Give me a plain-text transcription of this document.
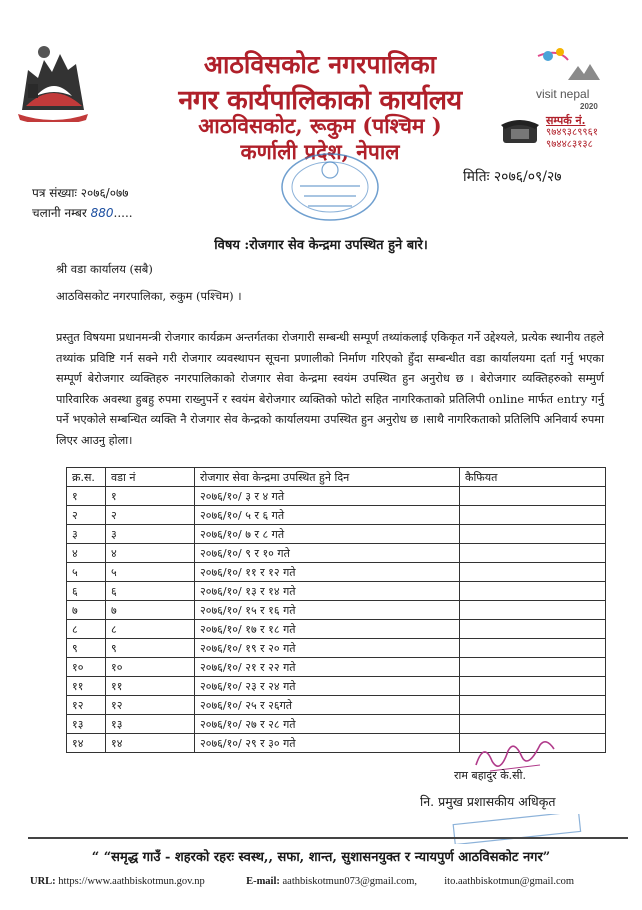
आठविसकोट नगरपालिका
नगर कार्यपालिकाको कार्यालय
आठविसकोट, रूकुम (पश्चिम )
कर्णाली प्रदेश, नेपाल
visit nepal
2020
सम्पर्क नं.
९७४९३८९९६१
९७४४८३१३८
मितिः २०७६/०९/२७
पत्र संख्याः २०७६/०७७
चलानी नम्बर 880.....
विषय :रोजगार सेव केन्द्रमा उपस्थित हुने बारे।
श्री वडा कार्यालय (सबै)
आठविसकोट नगरपालिका, रुकुम (पश्चिम) ।
प्रस्तुत विषयमा प्रधानमन्त्री रोजगार कार्यक्रम अन्तर्गतका रोजगारी सम्बन्धी सम्पूर्ण तथ्यांकलाई एकिकृत गर्ने उद्देश्यले, प्रत्येक स्थानीय तहले तथ्यांक प्रविष्टि गर्न सक्ने गरी रोजगार व्यवस्थापन सूचना प्रणालीको निर्माण गरिएको हुँदा सम्बन्धीत वडा कार्यालयमा दर्ता गर्नु भएका सम्पूर्ण बेरोजगार व्यक्तिहरु नगरपालिकाको रोजगार सेवा केन्द्रमा स्वयंम उपस्थित हुन अनुरोध छ । बेरोजगार व्यक्तिहरुको सम्मुर्ण पारिवारिक अवस्था हुबहु रुपमा राख्नुपर्ने र स्वयंम बेरोजगार व्यक्तिको फोटो सहित नागरिकताको प्रतिलिपी online मार्फत entry गर्नु पर्ने भएकोले सम्बन्धित व्यक्ति नै रोजगार सेव केन्द्रको कार्यालयमा उपस्थित हुन अनुरोध छ ।साथै नागरिकताको प्रतिलिपि अनिवार्य रुपमा लिएर आउनु होला।
क्र.स.	वडा नं	रोजगार सेवा केन्द्रमा उपस्थित हुने दिन	कैफियत
१	१	२०७६/१०/ ३ र ४ गते	
२	२	२०७६/१०/ ५ र ६ गते	
३	३	२०७६/१०/ ७ र ८ गते	
४	४	२०७६/१०/ ९ र १० गते	
५	५	२०७६/१०/ ११ र १२ गते	
६	६	२०७६/१०/ १३ र १४ गते	
७	७	२०७६/१०/ १५ र १६ गते	
८	८	२०७६/१०/ १७ र १८ गते	
९	९	२०७६/१०/ १९ र २० गते	
१०	१०	२०७६/१०/ २१ र २२ गते	
११	११	२०७६/१०/ २३ र २४ गते	
१२	१२	२०७६/१०/ २५ र २६गते	
१३	१३	२०७६/१०/ २७ र २८ गते	
१४	१४	२०७६/१०/ २९ र ३० गते	
राम बहादुर के.सी.
नि. प्रमुख प्रशासकीय अधिकृत
“ “समृद्ध गाउँ - शहरको रहरः स्वस्थ,, सफा, शान्त, सुशासनयुक्त र न्यायपुर्ण आठविसकोट नगर”
URL: https://www.aathbiskotmun.gov.np	E-mail: aathbiskotmun073@gmail.com,	ito.aathbiskotmun@gmail.com
